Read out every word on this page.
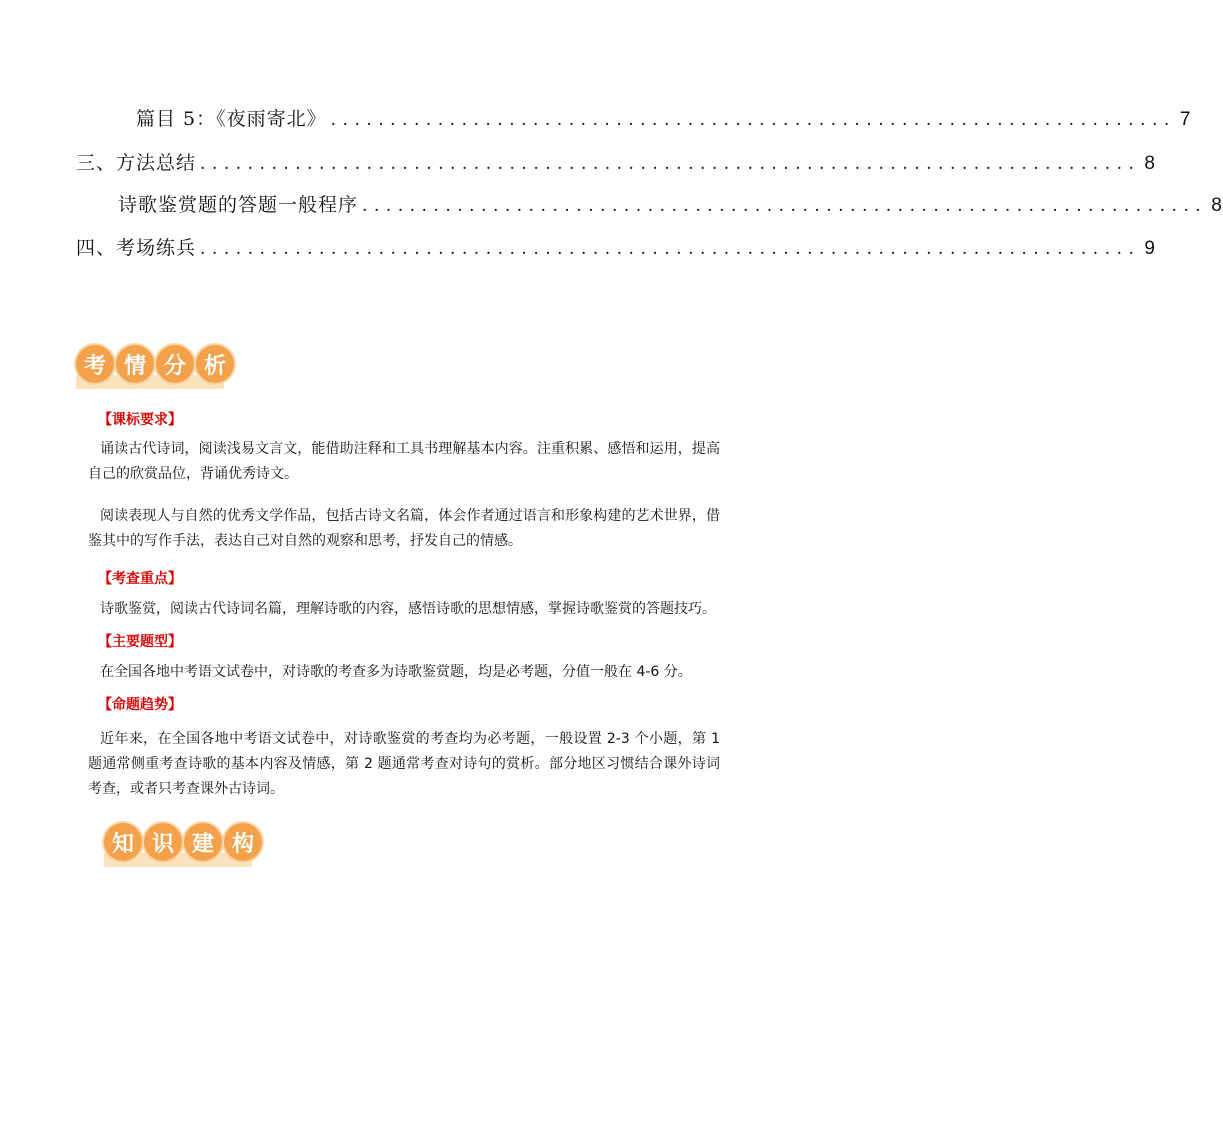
篇目 5：《夜雨寄北》 ....................................................................... 7
三、方法总结 ............................................................................... 8
诗歌鉴赏题的答题一般程序 ....................................................................... 8
四、考场练兵 ............................................................................... 9
考 情 分 析
【课标要求】
诵读古代诗词，阅读浅易文言文，能借助注释和工具书理解基本内容。注重积累、感悟和运用，提高自己的欣赏品位，背诵优秀诗文。
阅读表现人与自然的优秀文学作品，包括古诗文名篇，体会作者通过语言和形象构建的艺术世界，借鉴其中的写作手法，表达自己对自然的观察和思考，抒发自己的情感。
【考查重点】
诗歌鉴赏，阅读古代诗词名篇，理解诗歌的内容，感悟诗歌的思想情感，掌握诗歌鉴赏的答题技巧。
【主要题型】
在全国各地中考语文试卷中，对诗歌的考查多为诗歌鉴赏题，均是必考题，分值一般在 4-6 分。
【命题趋势】
近年来，在全国各地中考语文试卷中，对诗歌鉴赏的考查均为必考题，一般设置 2-3 个小题，第 1 题通常侧重考查诗歌的基本内容及情感，第 2 题通常考查对诗句的赏析。部分地区习惯结合课外诗词考查，或者只考查课外古诗词。
知 识 建 构
